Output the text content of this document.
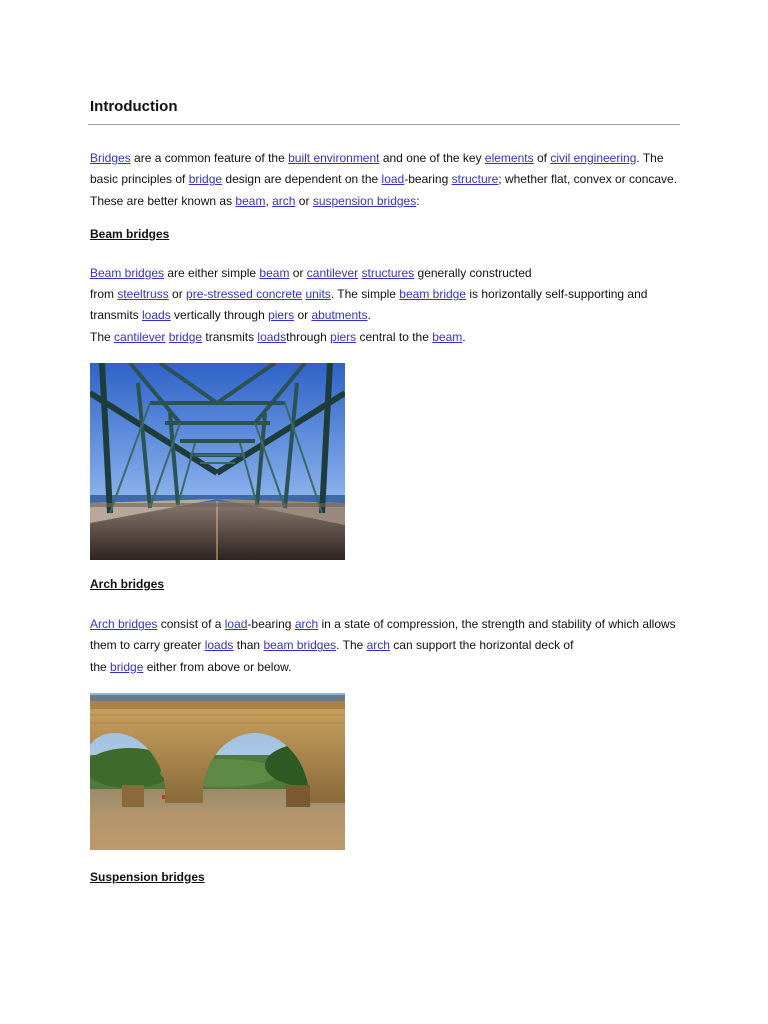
Introduction

Bridges are a common feature of the built environment and one of the key elements of civil engineering. The basic principles of bridge design are dependent on the load-bearing structure; whether flat, convex or concave. These are better known as beam, arch or suspension bridges:

Beam bridges

Beam bridges are either simple beam or cantilever structures generally constructed
from steeltruss or pre-stressed concrete units. The simple beam bridge is horizontally self-supporting and transmits loads vertically through piers or abutments.
The cantilever bridge transmits loadsthrough piers central to the beam.

Arch bridges

Arch bridges consist of a load-bearing arch in a state of compression, the strength and stability of which allows them to carry greater loads than beam bridges. The arch can support the horizontal deck of
the bridge either from above or below.

Suspension bridges
